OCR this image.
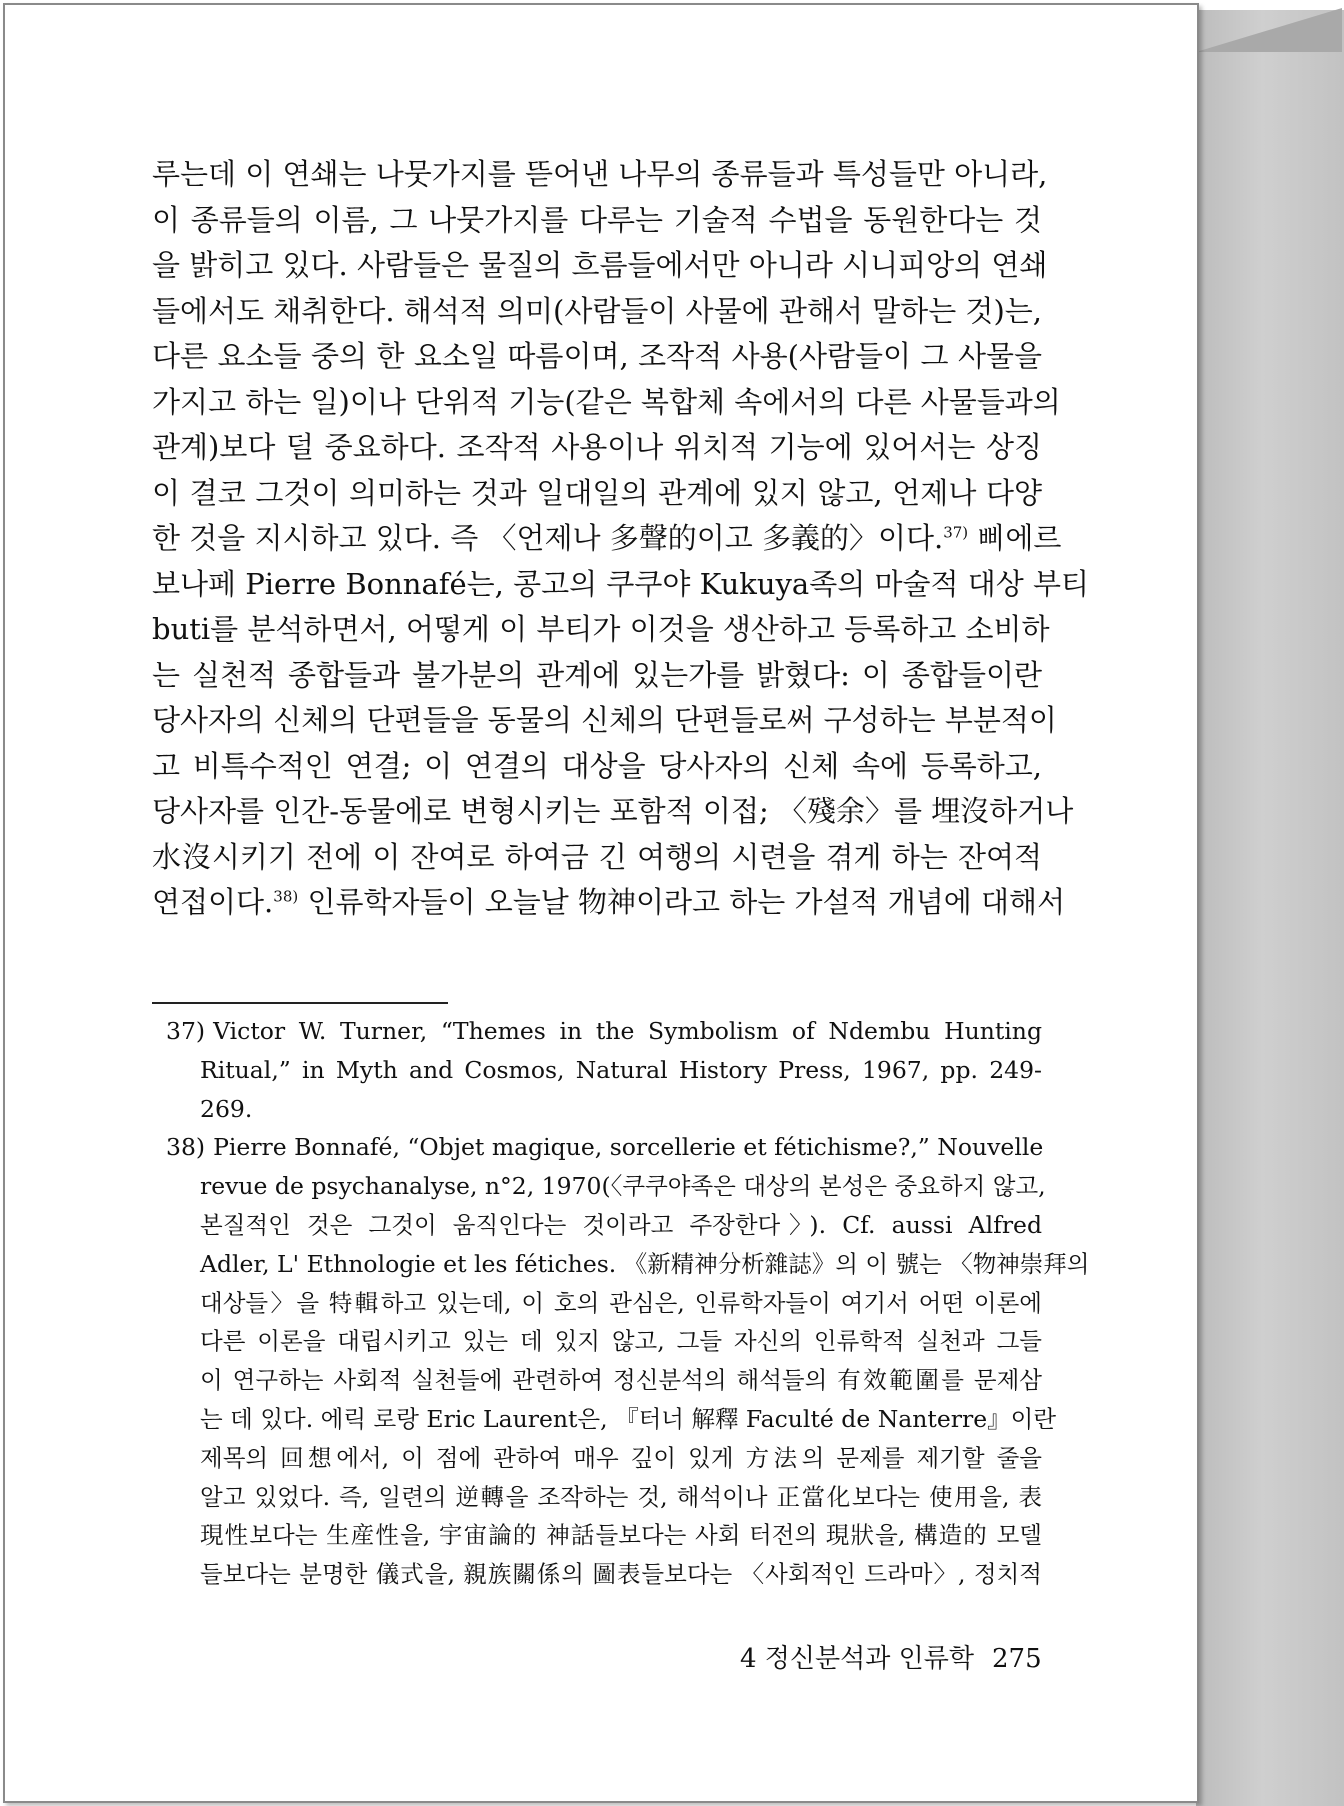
루는데 이 연쇄는 나뭇가지를 뜯어낸 나무의 종류들과 특성들만 아니라,
이 종류들의 이름, 그 나뭇가지를 다루는 기술적 수법을 동원한다는 것
을 밝히고 있다. 사람들은 물질의 흐름들에서만 아니라 시니피앙의 연쇄
들에서도 채취한다. 해석적 의미(사람들이 사물에 관해서 말하는 것)는,
다른 요소들 중의 한 요소일 따름이며, 조작적 사용(사람들이 그 사물을
가지고 하는 일)이나 단위적 기능(같은 복합체 속에서의 다른 사물들과의
관계)보다 덜 중요하다. 조작적 사용이나 위치적 기능에 있어서는 상징
이 결코 그것이 의미하는 것과 일대일의 관계에 있지 않고, 언제나 다양
한 것을 지시하고 있다. 즉 〈언제나 多聲的이고 多義的〉이다.$^{37)}$ 삐에르
보나페 Pierre Bonnafé는, 콩고의 쿠쿠야 Kukuya족의 마술적 대상 부티
buti를 분석하면서, 어떻게 이 부티가 이것을 생산하고 등록하고 소비하
는 실천적 종합들과 불가분의 관계에 있는가를 밝혔다: 이 종합들이란
당사자의 신체의 단편들을 동물의 신체의 단편들로써 구성하는 부분적이
고 비특수적인 연결; 이 연결의 대상을 당사자의 신체 속에 등록하고,
당사자를 인간-동물에로 변형시키는 포함적 이접; 〈殘余〉를 埋沒하거나
水沒시키기 전에 이 잔여로 하여금 긴 여행의 시련을 겪게 하는 잔여적
연접이다.$^{38)}$ 인류학자들이 오늘날 物神이라고 하는 가설적 개념에 대해서
37) Victor W. Turner, “Themes in the Symbolism of Ndembu Hunting
Ritual,” in Myth and Cosmos, Natural History Press, 1967, pp. 249-
269.
38) Pierre Bonnafé, “Objet magique, sorcellerie et fétichisme?,” Nouvelle
revue de psychanalyse, n°2, 1970(〈쿠쿠야족은 대상의 본성은 중요하지 않고,
본질적인 것은 그것이 움직인다는 것이라고 주장한다〉). Cf. aussi Alfred
Adler, L' Ethnologie et les fétiches. 《新精神分析雜誌》의 이 號는 〈物神崇拜의
대상들〉을 特輯하고 있는데, 이 호의 관심은, 인류학자들이 여기서 어떤 이론에
다른 이론을 대립시키고 있는 데 있지 않고, 그들 자신의 인류학적 실천과 그들
이 연구하는 사회적 실천들에 관련하여 정신분석의 해석들의 有效範圍를 문제삼
는 데 있다. 에릭 로랑 Eric Laurent은, 『터너 解釋 Faculté de Nanterre』이란
제목의 回想에서, 이 점에 관하여 매우 깊이 있게 方法의 문제를 제기할 줄을
알고 있었다. 즉, 일련의 逆轉을 조작하는 것, 해석이나 正當化보다는 使用을, 表
現性보다는 生産性을, 宇宙論的 神話들보다는 사회 터전의 現狀을, 構造的 모델
들보다는 분명한 儀式을, 親族關係의 圖表들보다는 〈사회적인 드라마〉, 정치적
4 정신분석과 인류학 275
